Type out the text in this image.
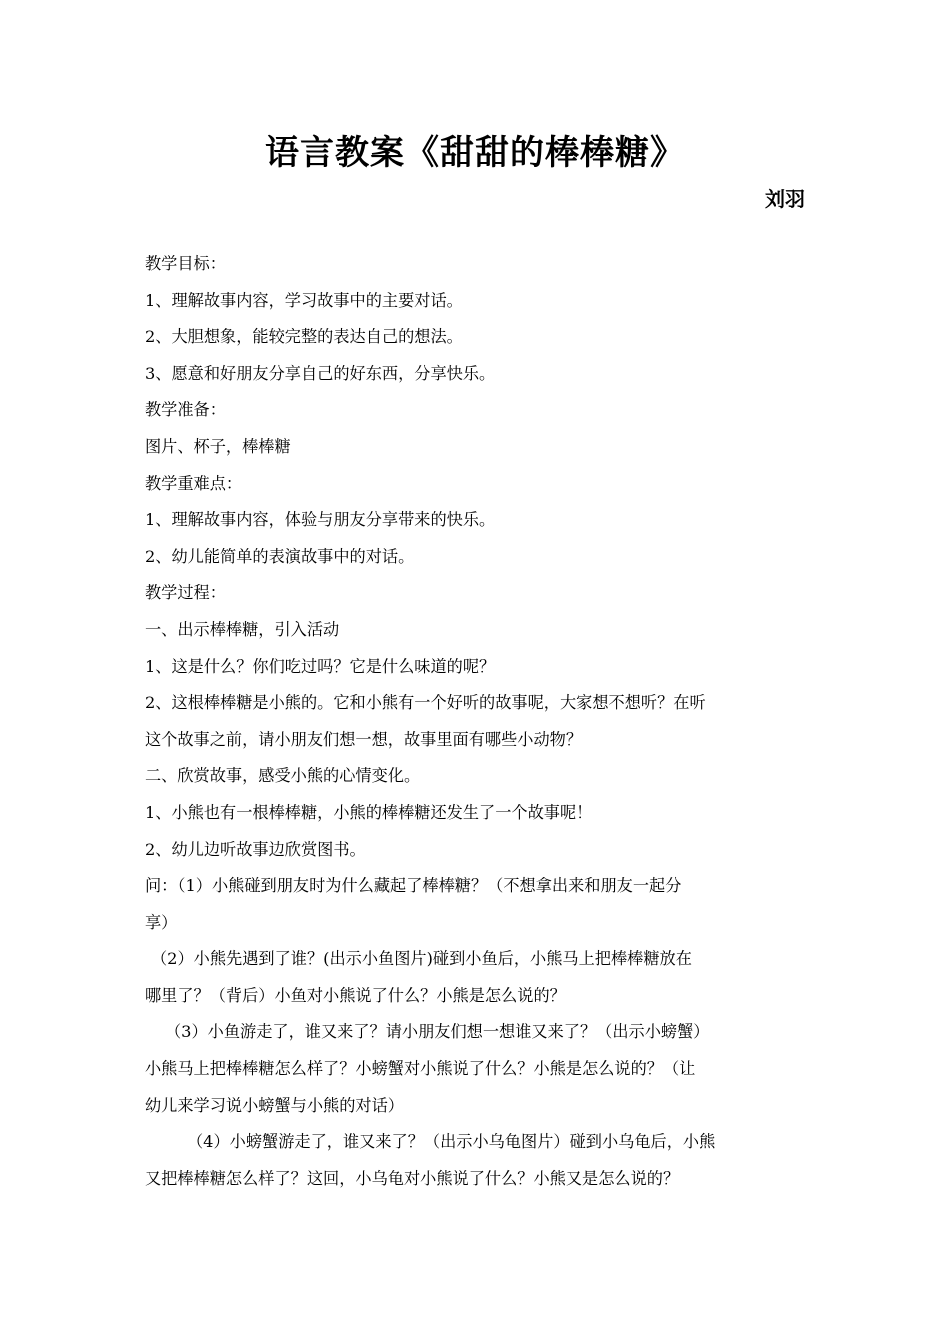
语言教案《甜甜的棒棒糖》
刘羽
教学目标：
1、理解故事内容，学习故事中的主要对话。
2、大胆想象，能较完整的表达自己的想法。
3、愿意和好朋友分享自己的好东西，分享快乐。
教学准备：
图片、杯子，棒棒糖
教学重难点：
1、理解故事内容，体验与朋友分享带来的快乐。
2、幼儿能简单的表演故事中的对话。
教学过程：
一、出示棒棒糖，引入活动
1、这是什么？你们吃过吗？它是什么味道的呢？
2、这根棒棒糖是小熊的。它和小熊有一个好听的故事呢，大家想不想听？在听
这个故事之前，请小朋友们想一想，故事里面有哪些小动物？
二、欣赏故事，感受小熊的心情变化。
1、小熊也有一根棒棒糖，小熊的棒棒糖还发生了一个故事呢！
2、幼儿边听故事边欣赏图书。
问：（1）小熊碰到朋友时为什么藏起了棒棒糖？（不想拿出来和朋友一起分
享）
（2）小熊先遇到了谁？(出示小鱼图片)碰到小鱼后，小熊马上把棒棒糖放在
哪里了？（背后）小鱼对小熊说了什么？小熊是怎么说的？
（3）小鱼游走了，谁又来了？请小朋友们想一想谁又来了？（出示小螃蟹）
小熊马上把棒棒糖怎么样了？小螃蟹对小熊说了什么？小熊是怎么说的？（让
幼儿来学习说小螃蟹与小熊的对话）
（4）小螃蟹游走了，谁又来了？（出示小乌龟图片）碰到小乌龟后，小熊
又把棒棒糖怎么样了？这回，小乌龟对小熊说了什么？小熊又是怎么说的？
